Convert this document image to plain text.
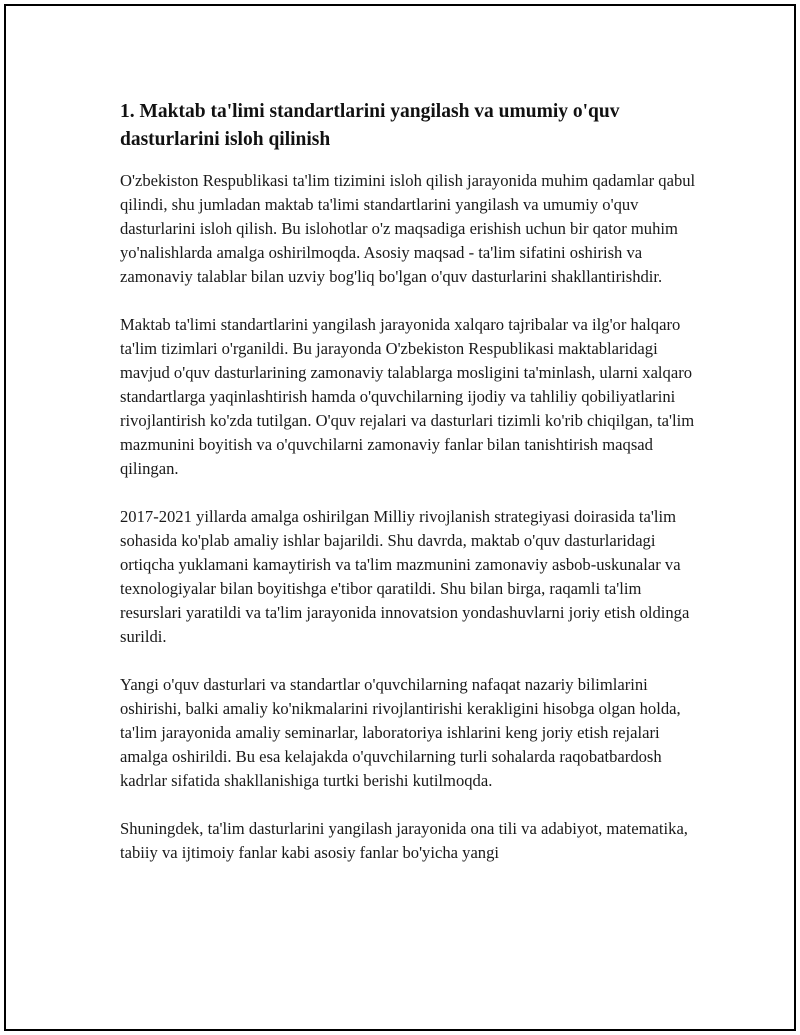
1. Maktab ta'limi standartlarini yangilash va umumiy o'quv dasturlarini isloh qilinish

O'zbekiston Respublikasi ta'lim tizimini isloh qilish jarayonida muhim qadamlar qabul qilindi, shu jumladan maktab ta'limi standartlarini yangilash va umumiy o'quv dasturlarini isloh qilish. Bu islohotlar o'z maqsadiga erishish uchun bir qator muhim yo'nalishlarda amalga oshirilmoqda. Asosiy maqsad - ta'lim sifatini oshirish va zamonaviy talablar bilan uzviy bog'liq bo'lgan o'quv dasturlarini shakllantirishdir.

Maktab ta'limi standartlarini yangilash jarayonida xalqaro tajribalar va ilg'or halqaro ta'lim tizimlari o'rganildi. Bu jarayonda O'zbekiston Respublikasi maktablaridagi mavjud o'quv dasturlarining zamonaviy talablarga mosligini ta'minlash, ularni xalqaro standartlarga yaqinlashtirish hamda o'quvchilarning ijodiy va tahliliy qobiliyatlarini rivojlantirish ko'zda tutilgan. O'quv rejalari va dasturlari tizimli ko'rib chiqilgan, ta'lim mazmunini boyitish va o'quvchilarni zamonaviy fanlar bilan tanishtirish maqsad qilingan.

2017-2021 yillarda amalga oshirilgan Milliy rivojlanish strategiyasi doirasida ta'lim sohasida ko'plab amaliy ishlar bajarildi. Shu davrda, maktab o'quv dasturlaridagi ortiqcha yuklamani kamaytirish va ta'lim mazmunini zamonaviy asbob-uskunalar va texnologiyalar bilan boyitishga e'tibor qaratildi. Shu bilan birga, raqamli ta'lim resurslari yaratildi va ta'lim jarayonida innovatsion yondashuvlarni joriy etish oldinga surildi.

Yangi o'quv dasturlari va standartlar o'quvchilarning nafaqat nazariy bilimlarini oshirishi, balki amaliy ko'nikmalarini rivojlantirishi kerakligini hisobga olgan holda, ta'lim jarayonida amaliy seminarlar, laboratoriya ishlarini keng joriy etish rejalari amalga oshirildi. Bu esa kelajakda o'quvchilarning turli sohalarda raqobatbardosh kadrlar sifatida shakllanishiga turtki berishi kutilmoqda.

Shuningdek, ta'lim dasturlarini yangilash jarayonida ona tili va adabiyot, matematika, tabiiy va ijtimoiy fanlar kabi asosiy fanlar bo'yicha yangi
